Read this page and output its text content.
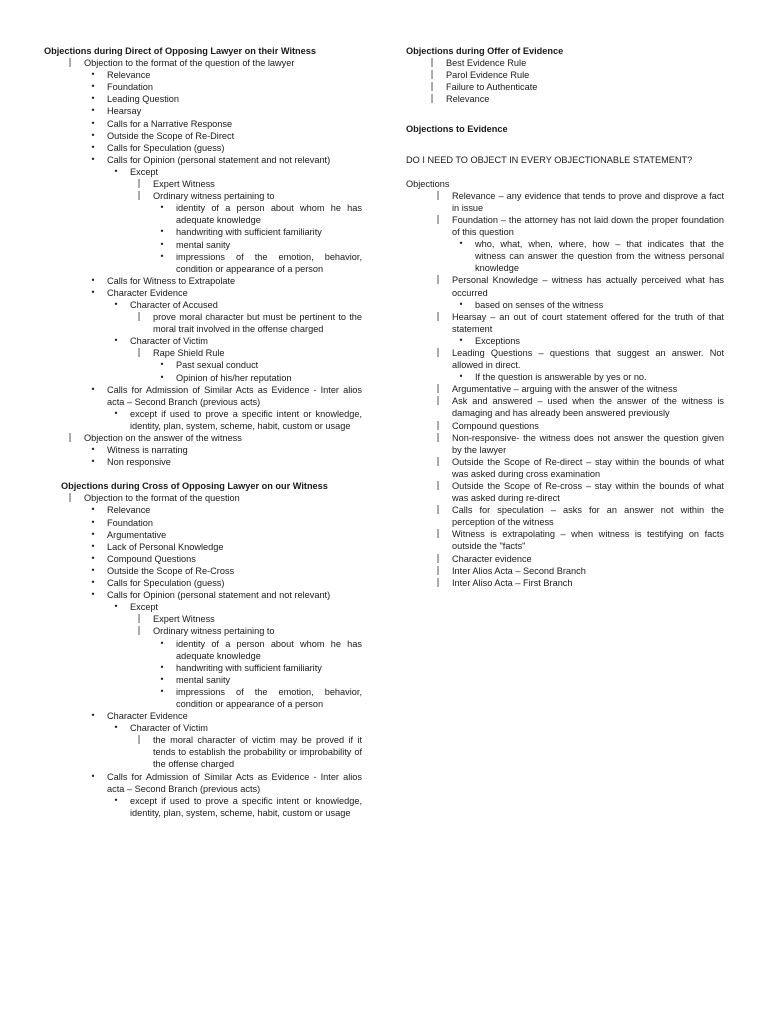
Objections during Direct of Opposing Lawyer on their Witness
|	Objection to the format of the question of the lawyer
•	Relevance
•	Foundation
•	Leading Question
•	Hearsay
•	Calls for a Narrative Response
•	Outside the Scope of Re-Direct
•	Calls for Speculation (guess)
•	Calls for Opinion (personal statement and not relevant)
•	Except
|	Expert Witness
|	Ordinary witness pertaining to
•	identity of a person about whom he has adequate knowledge
•	handwriting with sufficient familiarity
•	mental sanity
•	impressions of the emotion, behavior, condition or appearance of a person
•	Calls for Witness to Extrapolate
•	Character Evidence
•	Character of Accused
|	prove moral character but must be pertinent to the moral trait involved in the offense charged
•	Character of Victim
|	Rape Shield Rule
•	Past sexual conduct
•	Opinion of his/her reputation
•	Calls for Admission of Similar Acts as Evidence - Inter alios acta – Second Branch (previous acts)
•	except if used to prove a specific intent or knowledge, identity, plan, system, scheme, habit, custom or usage
|	Objection on the answer of the witness
•	Witness is narrating
•	Non responsive
Objections during Cross of Opposing Lawyer on our Witness
|	Objection to the format of the question
•	Relevance
•	Foundation
•	Argumentative
•	Lack of Personal Knowledge
•	Compound Questions
•	Outside the Scope of Re-Cross
•	Calls for Speculation (guess)
•	Calls for Opinion (personal statement and not relevant)
•	Except
|	Expert Witness
|	Ordinary witness pertaining to
•	identity of a person about whom he has adequate knowledge
•	handwriting with sufficient familiarity
•	mental sanity
•	impressions of the emotion, behavior, condition or appearance of a person
•	Character Evidence
•	Character of Victim
|	the moral character of victim may be proved if it tends to establish the probability or improbability of the offense charged
•	Calls for Admission of Similar Acts as Evidence - Inter alios acta – Second Branch (previous acts)
•	except if used to prove a specific intent or knowledge, identity, plan, system, scheme, habit, custom or usage
Objections during Offer of Evidence
|	Best Evidence Rule
|	Parol Evidence Rule
|	Failure to Authenticate
|	Relevance
Objections to Evidence
DO I NEED TO OBJECT IN EVERY OBJECTIONABLE STATEMENT?
Objections
|	Relevance – any evidence that tends to prove and disprove a fact in issue
|	Foundation – the attorney has not laid down the proper foundation of this question
•	who, what, when, where, how – that indicates that the witness can answer the question from the witness personal knowledge
|	Personal Knowledge – witness has actually perceived what has occurred
•	based on senses of the witness
|	Hearsay – an out of court statement offered for the truth of that statement
•	Exceptions
|	Leading Questions – questions that suggest an answer. Not allowed in direct.
•	If the question is answerable by yes or no.
|	Argumentative – arguing with the answer of the witness
|	Ask and answered – used when the answer of the witness is damaging and has already been answered previously
|	Compound questions
|	Non-responsive- the witness does not answer the question given by the lawyer
|	Outside the Scope of Re-direct – stay within the bounds of what was asked during cross examination
|	Outside the Scope of Re-cross – stay within the bounds of what was asked during re-direct
|	Calls for speculation – asks for an answer not within the perception of the witness
|	Witness is extrapolating – when witness is testifying on facts outside the "facts"
|	Character evidence
|	Inter Alios Acta – Second Branch
|	Inter Aliso Acta – First Branch
